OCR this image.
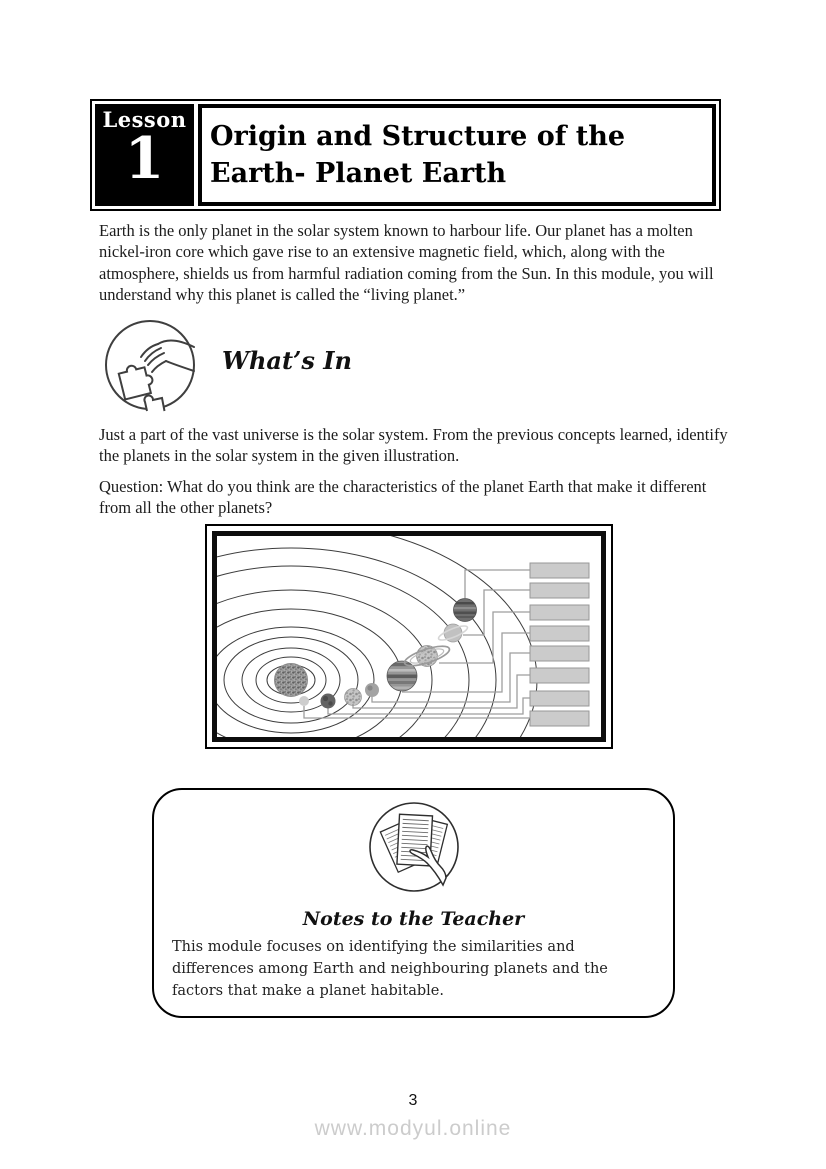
Lesson
1	Origin and Structure of the
Earth- Planet Earth

Earth is the only planet in the solar system known to harbour life. Our planet has a molten nickel-iron core which gave rise to an extensive magnetic field, which, along with the atmosphere, shields us from harmful radiation coming from the Sun. In this module, you will understand why this planet is called the “living planet.”

What’s In

Just a part of the vast universe is the solar system. From the previous concepts learned, identify the planets in the solar system in the given illustration.

Question: What do you think are the characteristics of the planet Earth that make it different from all the other planets?

Notes to the Teacher

This module focuses on identifying the similarities and differences among Earth and neighbouring planets and the factors that make a planet habitable.

3
www.modyul.online
